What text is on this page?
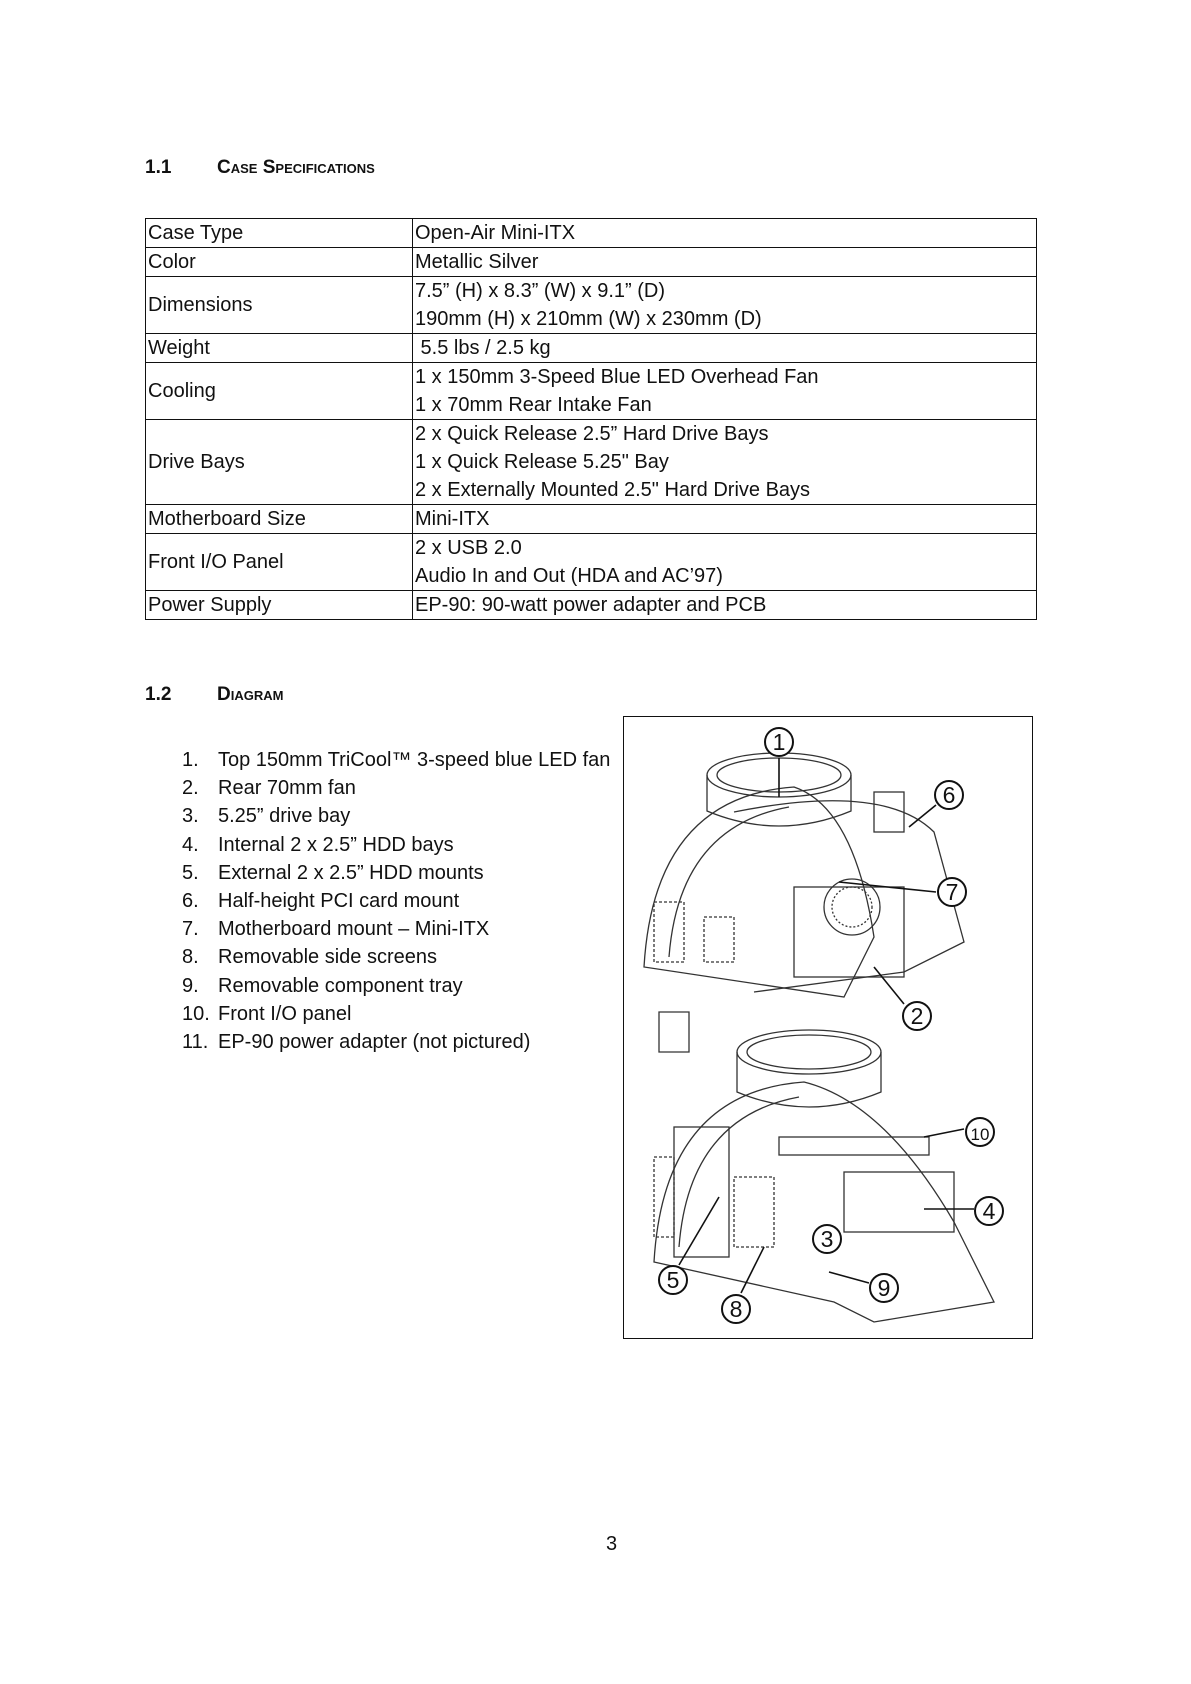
1.1 Case Specifications
Case Type	Open-Air Mini-ITX

Color	Metallic Silver

Dimensions	7.5” (H) x 8.3” (W) x 9.1” (D)
190mm (H) x 210mm (W) x 230mm (D)

Weight	5.5 lbs / 2.5 kg

Cooling	1 x 150mm 3-Speed Blue LED Overhead Fan
1 x 70mm Rear Intake Fan

Drive Bays	2 x Quick Release 2.5” Hard Drive Bays
1 x Quick Release 5.25" Bay
2 x Externally Mounted 2.5" Hard Drive Bays

Motherboard Size	Mini-ITX

Front I/O Panel	2 x USB 2.0
Audio In and Out (HDA and AC’97)

Power Supply	EP-90: 90-watt power adapter and PCB
1.2 Diagram
1. Top 150mm TriCool™ 3-speed blue LED fan
2. Rear 70mm fan
3. 5.25” drive bay
4. Internal 2 x 2.5” HDD bays
5. External 2 x 2.5” HDD mounts
6. Half-height PCI card mount
7. Motherboard mount – Mini-ITX
8. Removable side screens
9. Removable component tray
10. Front I/O panel
11. EP-90 power adapter (not pictured)
1
6
7
2
10
4
3
9
5
8
3
